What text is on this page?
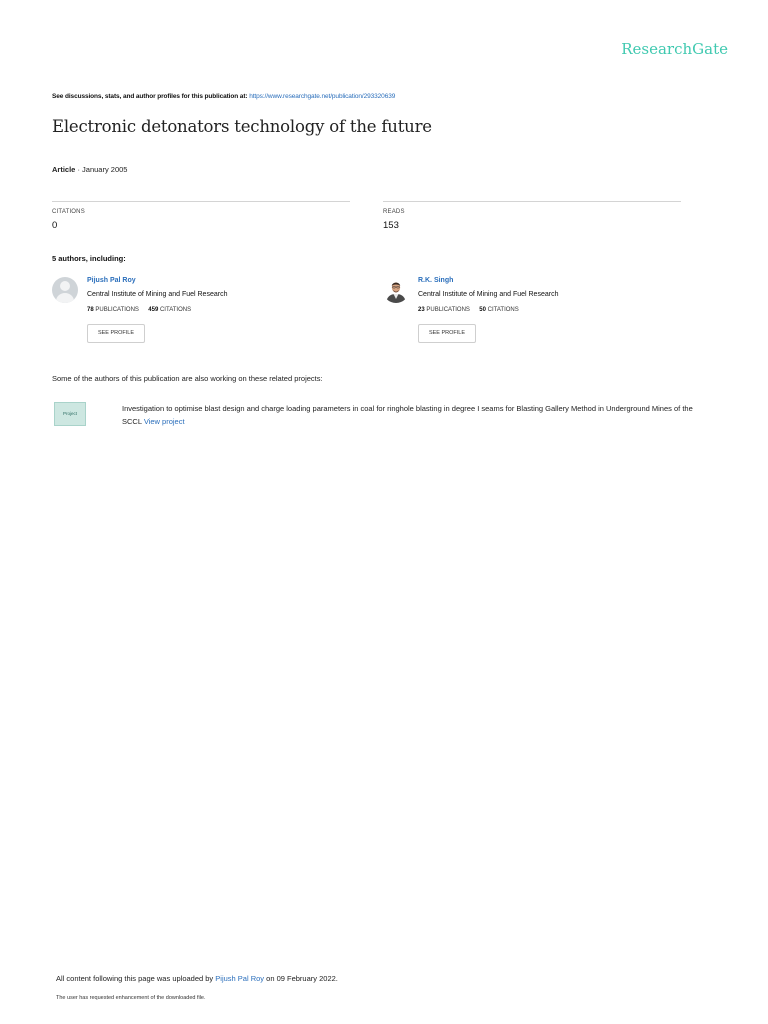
ResearchGate
See discussions, stats, and author profiles for this publication at: https://www.researchgate.net/publication/293320639
Electronic detonators technology of the future
Article · January 2005
CITATIONS
0
READS
153
5 authors, including:
Pijush Pal Roy
Central Institute of Mining and Fuel Research
78 PUBLICATIONS 459 CITATIONS
SEE PROFILE
R.K. Singh
Central Institute of Mining and Fuel Research
23 PUBLICATIONS 50 CITATIONS
SEE PROFILE
Some of the authors of this publication are also working on these related projects:
Project
Investigation to optimise blast design and charge loading parameters in coal for ringhole blasting in degree I seams for Blasting Gallery Method in Underground Mines of the SCCL View project
All content following this page was uploaded by Pijush Pal Roy on 09 February 2022.
The user has requested enhancement of the downloaded file.
